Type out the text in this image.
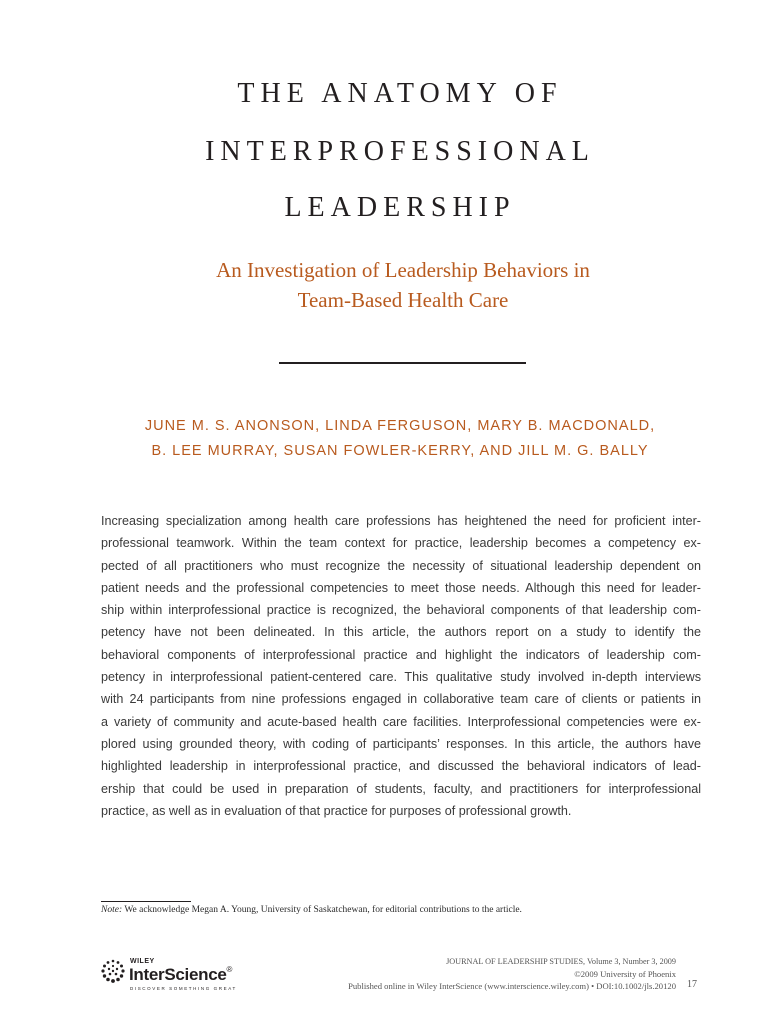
THE ANATOMY OF
INTERPROFESSIONAL
LEADERSHIP
An Investigation of Leadership Behaviors in
Team-Based Health Care
JUNE M. S. ANONSON, LINDA FERGUSON, MARY B. MACDONALD,
B. LEE MURRAY, SUSAN FOWLER-KERRY, AND JILL M. G. BALLY
Increasing specialization among health care professions has heightened the need for proficient inter-
professional teamwork. Within the team context for practice, leadership becomes a competency ex-
pected of all practitioners who must recognize the necessity of situational leadership dependent on
patient needs and the professional competencies to meet those needs. Although this need for leader-
ship within interprofessional practice is recognized, the behavioral components of that leadership com-
petency have not been delineated. In this article, the authors report on a study to identify the
behavioral components of interprofessional practice and highlight the indicators of leadership com-
petency in interprofessional patient-centered care. This qualitative study involved in-depth interviews
with 24 participants from nine professions engaged in collaborative team care of clients or patients in
a variety of community and acute-based health care facilities. Interprofessional competencies were ex-
plored using grounded theory, with coding of participants’ responses. In this article, the authors have
highlighted leadership in interprofessional practice, and discussed the behavioral indicators of lead-
ership that could be used in preparation of students, faculty, and practitioners for interprofessional
practice, as well as in evaluation of that practice for purposes of professional growth.
Note: We acknowledge Megan A. Young, University of Saskatchewan, for editorial contributions to the article.
WILEY
InterScience®
DISCOVER SOMETHING GREAT
JOURNAL OF LEADERSHIP STUDIES, Volume 3, Number 3, 2009
©2009 University of Phoenix
Published online in Wiley InterScience (www.interscience.wiley.com) • DOI:10.1002/jls.20120 17
